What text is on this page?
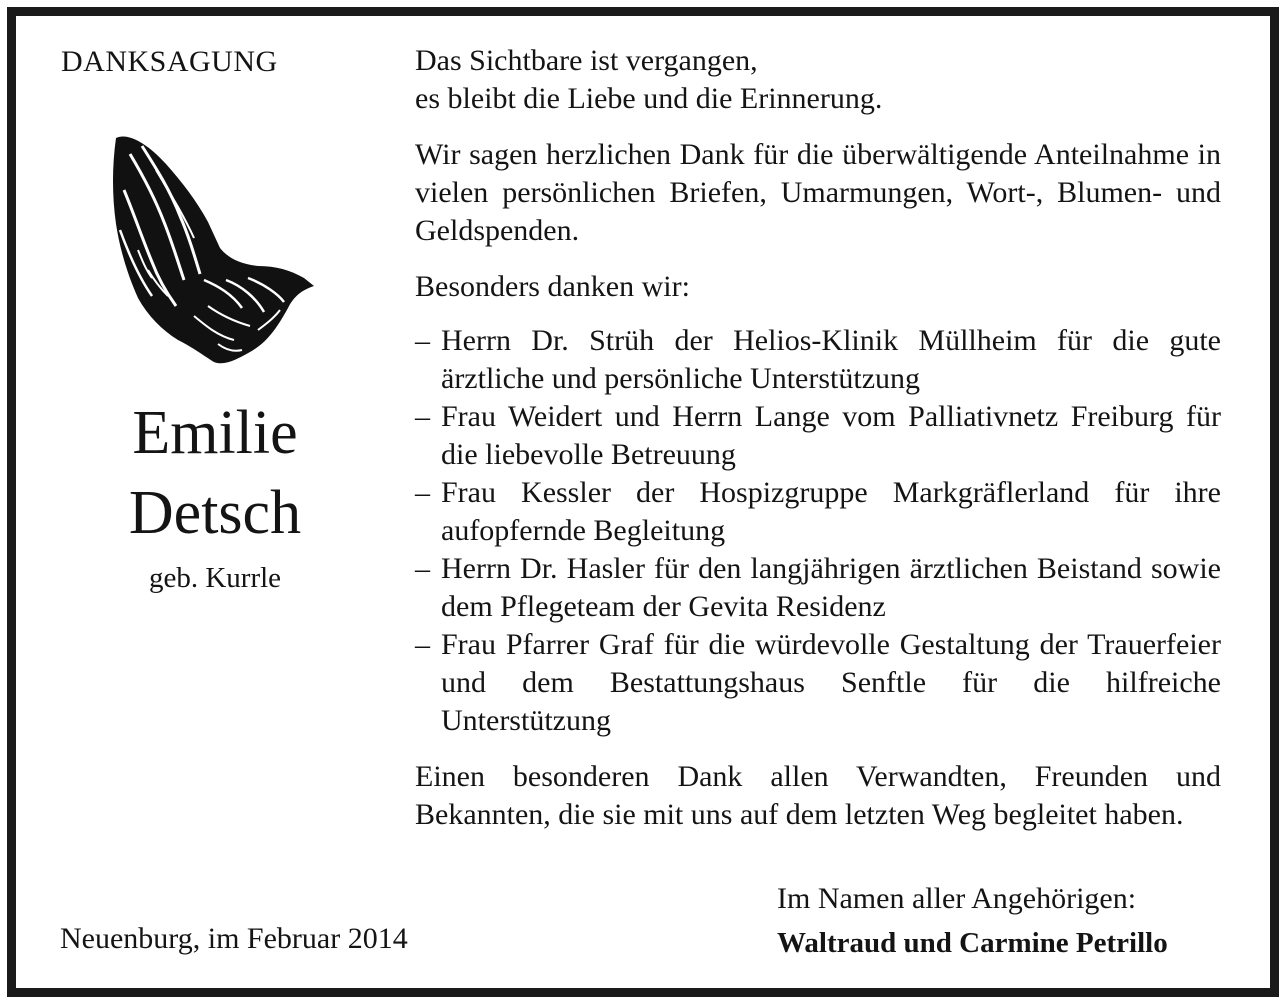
DANKSAGUNG
Emilie
Detsch
geb. Kurrle
Neuenburg, im Februar 2014

Das Sichtbare ist vergangen,
es bleibt die Liebe und die Erinnerung.

Wir sagen herzlichen Dank für die überwältigende Anteilnahme in vielen persönlichen Briefen, Umarmungen, Wort-, Blumen- und Geldspenden.

Besonders danken wir:

– Herrn Dr. Strüh der Helios-Klinik Müllheim für die gute ärztliche und persönliche Unterstützung
– Frau Weidert und Herrn Lange vom Palliativnetz Freiburg für die liebevolle Betreuung
– Frau Kessler der Hospizgruppe Markgräflerland für ihre aufopfernde Begleitung
– Herrn Dr. Hasler für den langjährigen ärztlichen Beistand sowie dem Pflegeteam der Gevita Residenz
– Frau Pfarrer Graf für die würdevolle Gestaltung der Trauerfeier und dem Bestattungshaus Senftle für die hilfreiche Unterstützung

Einen besonderen Dank allen Verwandten, Freunden und Bekannten, die sie mit uns auf dem letzten Weg begleitet haben.

Im Namen aller Angehörigen:
Waltraud und Carmine Petrillo
